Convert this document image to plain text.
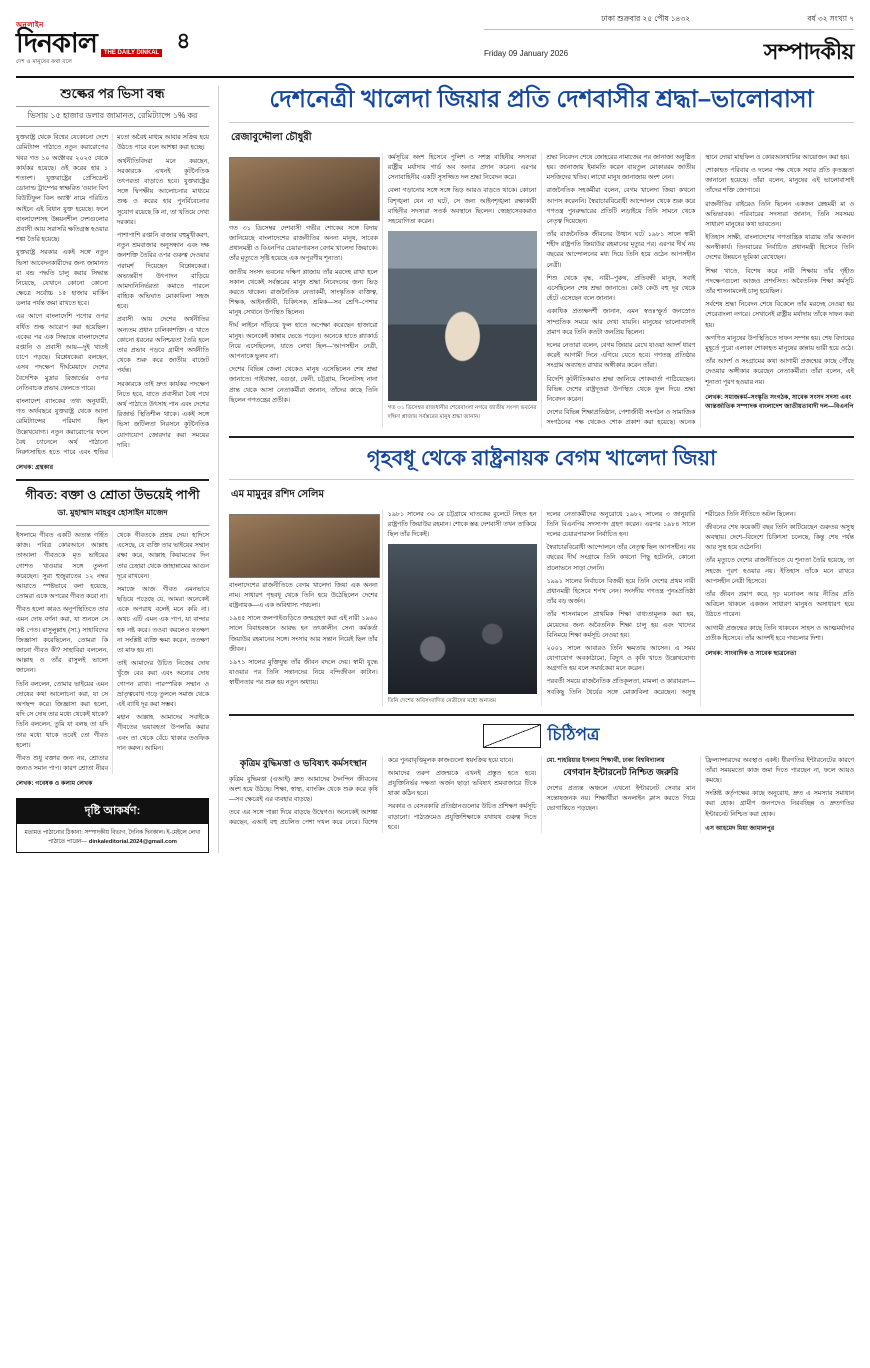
অনলাইন
দিনকাল
দেশ ও মানুষের কথা বলে
THE DAILY DINKAL ৪
ঢাকা শুক্রবার ২৫ পৌষ ১৪৩২	বর্ষ ৩২ সংখ্যা ৭
Friday 09 January 2026	সম্পাদকীয়
শুল্কের পর ভিসা বন্ধ
ভিসায় ১৫ হাজার ডলার জামানত, রেমিট্যান্সে ১% কর
যুক্তরাষ্ট্র থেকে বিশ্বের যেকোনো দেশে রেমিট্যান্স পাঠাতে নতুন করারোপের খবর গত ১০ অক্টোবর ২০২৫ থেকে কার্যকর হয়েছে। ওই করের হার ১ শতাংশ। যুক্তরাষ্ট্রের প্রেসিডেন্ট ডোনাল্ড ট্রাম্পের স্বাক্ষরিত 'ওয়ান বিগ বিউটিফুল বিল অ্যাক্ট' নামে পরিচিত আইনে এই বিধান যুক্ত হয়েছে। ফলে বাংলাদেশসহ উন্নয়নশীল দেশগুলোর প্রবাসী আয় সরাসরি ক্ষতিগ্রস্ত হওয়ার শঙ্কা তৈরি হয়েছে।
যুক্তরাষ্ট্র সরকার একই সঙ্গে নতুন ভিসা আবেদনকারীদের জন্য জামানত বা বন্ড পদ্ধতি চালু করার সিদ্ধান্ত নিয়েছে, যেখানে কোনো কোনো ক্ষেত্রে সর্বোচ্চ ১৫ হাজার মার্কিন ডলার পর্যন্ত জমা রাখতে হবে।
এর আগে বাংলাদেশি পণ্যের ওপর বর্ধিত শুল্ক আরোপ করা হয়েছিল। একের পর এক সিদ্ধান্তে বাংলাদেশের রপ্তানি ও প্রবাসী আয়—দুই খাতই চাপে পড়ছে। বিশ্লেষকেরা বলছেন, এসব পদক্ষেপ দীর্ঘমেয়াদে দেশের বৈদেশিক মুদ্রার রিজার্ভের ওপর নেতিবাচক প্রভাব ফেলতে পারে।
বাংলাদেশ ব্যাংকের তথ্য অনুযায়ী, গত অর্থবছরে যুক্তরাষ্ট্র থেকে আসা রেমিট্যান্সের পরিমাণ ছিল উল্লেখযোগ্য। নতুন করারোপের ফলে বৈধ চ্যানেলে অর্থ পাঠানো নিরুৎসাহিত হতে পারে এবং হুন্ডির মতো অবৈধ মাধ্যম আবার সক্রিয় হয়ে উঠতে পারে বলে আশঙ্কা করা হচ্ছে।
অর্থনীতিবিদরা মনে করছেন, সরকারকে এখনই কূটনৈতিক তৎপরতা বাড়াতে হবে। যুক্তরাষ্ট্রের সঙ্গে দ্বিপক্ষীয় আলোচনার মাধ্যমে শুল্ক ও করের হার পুনর্বিবেচনার সুযোগ রয়েছে কি না, তা খতিয়ে দেখা দরকার।
পাশাপাশি রপ্তানি বাজার বহুমুখীকরণ, নতুন শ্রমবাজার অনুসন্ধান এবং দক্ষ জনশক্তি তৈরির ওপর গুরুত্ব দেওয়ার পরামর্শ দিয়েছেন বিশ্লেষকেরা। অভ্যন্তরীণ উৎপাদন বাড়িয়ে আমদানিনির্ভরতা কমাতে পারলে বাহ্যিক অভিঘাত মোকাবিলা সহজ হবে।
প্রবাসী আয় দেশের অর্থনীতির অন্যতম প্রধান চালিকাশক্তি। এ খাতে কোনো ধরনের অনিশ্চয়তা তৈরি হলে তার প্রভাব পড়বে গ্রামীণ অর্থনীতি থেকে শুরু করে জাতীয় বাজেট পর্যন্ত।
সরকারকে তাই দ্রুত কার্যকর পদক্ষেপ নিতে হবে, যাতে প্রবাসীরা বৈধ পথে অর্থ পাঠাতে উৎসাহ পান এবং দেশের রিজার্ভ স্থিতিশীল থাকে। একই সঙ্গে ভিসা জটিলতা নিরসনে কূটনৈতিক যোগাযোগ জোরদার করা সময়ের দাবি।
লেখক: গ্রন্থকার
গীবত: বক্তা ও শ্রোতা উভয়েই পাপী
ডা. মুহাম্মাদ মাহবুব হোসাইন মাজেদ
ইসলামে গীবত একটি অত্যন্ত গর্হিত কাজ। পবিত্র কোরআনে আল্লাহ তাআলা গীবতকে মৃত ভাইয়ের গোশত খাওয়ার সঙ্গে তুলনা করেছেন। সুরা হুজুরাতের ১২ নম্বর আয়াতে স্পষ্টভাবে বলা হয়েছে, তোমরা একে অপরের গীবত করো না।
গীবত হলো কারও অনুপস্থিতিতে তার এমন দোষ বর্ণনা করা, যা শুনলে সে কষ্ট পেত। রাসুলুল্লাহ (সা.) সাহাবিদের জিজ্ঞাসা করেছিলেন, তোমরা কি জানো গীবত কী? সাহাবিরা বললেন, আল্লাহ ও তাঁর রাসুলই ভালো জানেন।
তিনি বললেন, তোমার ভাইয়ের এমন দোষের কথা আলোচনা করা, যা সে অপছন্দ করে। জিজ্ঞাসা করা হলো, যদি সে দোষ তার মধ্যে থেকেই থাকে? তিনি বললেন, তুমি যা বলছ তা যদি তার মধ্যে থাকে তবেই তো গীবত হলো।
গীবত শুধু বক্তার জন্য নয়, শ্রোতার জন্যও সমান পাপ। কারণ শ্রোতা নীরব থেকে গীবতকে প্রশ্রয় দেয়। হাদিসে এসেছে, যে ব্যক্তি তার ভাইয়ের সম্মান রক্ষা করে, আল্লাহ কিয়ামতের দিন তার চেহারা থেকে জাহান্নামের আগুন দূরে রাখবেন।
সমাজে আজ গীবত এমনভাবে ছড়িয়ে পড়েছে যে, আমরা অনেকেই একে অপরাধ বলেই মনে করি না। অথচ এটি এমন এক পাপ, যা বান্দার হক নষ্ট করে। তওবা করলেও যতক্ষণ না সংশ্লিষ্ট ব্যক্তি ক্ষমা করেন, ততক্ষণ তা মাফ হয় না।
তাই আমাদের উচিত নিজের দোষ খুঁজে বের করা এবং অন্যের দোষ গোপন রাখা। পারস্পরিক সম্মান ও ভ্রাতৃত্ববোধ গড়ে তুললে সমাজ থেকে এই ব্যাধি দূর করা সম্ভব।
মহান আল্লাহ আমাদের সবাইকে গীবতের ভয়াবহতা উপলব্ধি করার এবং তা থেকে বেঁচে থাকার তওফিক দান করুন। আমিন।
লেখক: গবেষক ও কলাম লেখক
দৃষ্টি আকর্ষণ:
মতামত পাঠানোর ঠিকানা: সম্পাদকীয় বিভাগ, দৈনিক দিনকাল। ই-মেইলে লেখা পাঠাতে পারেন— dinkaleditorial.2024@gmail.com
দেশনেত্রী খালেদা জিয়ার প্রতি দেশবাসীর শ্রদ্ধা–ভালোবাসা
রেজাবুদ্দৌলা চৌধুরী
গত ৩১ ডিসেম্বর দেশবাসী গভীর শোকের সঙ্গে বিদায় জানিয়েছে বাংলাদেশের রাজনীতির অনন্য মানুষ, সাবেক প্রধানমন্ত্রী ও বিএনপির চেয়ারপারসন বেগম খালেদা জিয়াকে। তাঁর মৃত্যুতে সৃষ্টি হয়েছে এক অপূরণীয় শূন্যতা।
জাতীয় সংসদ ভবনের দক্ষিণ প্লাজায় তাঁর মরদেহ রাখা হলে সকাল থেকেই সর্বস্তরের মানুষ শ্রদ্ধা নিবেদনের জন্য ভিড় করতে থাকেন। রাজনৈতিক নেতাকর্মী, সাংস্কৃতিক ব্যক্তিত্ব, শিক্ষক, আইনজীবী, চিকিৎসক, শ্রমিক—সব শ্রেণি–পেশার মানুষ সেখানে উপস্থিত ছিলেন।
দীর্ঘ লাইনে দাঁড়িয়ে ফুল হাতে অপেক্ষা করেছেন হাজারো মানুষ। অনেকেই কান্নায় ভেঙে পড়েন। অনেকে হাতে প্ল্যাকার্ড নিয়ে এসেছিলেন, যাতে লেখা ছিল—'আপসহীন নেত্রী, আপনাকে ভুলব না'।
দেশের বিভিন্ন জেলা থেকেও মানুষ এসেছিলেন শেষ শ্রদ্ধা জানাতে। গাইবান্ধা, বগুড়া, ফেনী, চট্টগ্রাম, সিলেটসহ নানা প্রান্ত থেকে আসা নেতাকর্মীরা জানান, তাঁদের কাছে তিনি ছিলেন গণতন্ত্রের প্রতীক।
কর্মসূচির অংশ হিসেবে পুলিশ ও সশস্ত্র বাহিনীর সদস্যরা রাষ্ট্রীয় মর্যাদায় গার্ড অব অনার প্রদান করেন। এরপর সেনাবাহিনীর একটি সুসজ্জিত দল শ্রদ্ধা নিবেদন করে।
বেলা গড়ানোর সঙ্গে সঙ্গে ভিড় আরও বাড়তে থাকে। কোনো বিশৃঙ্খলা যেন না ঘটে, সে জন্য আইনশৃঙ্খলা রক্ষাকারী বাহিনীর সদস্যরা সতর্ক অবস্থানে ছিলেন। স্বেচ্ছাসেবকরাও সহযোগিতা করেন।
গত ৩১ ডিসেম্বর রাজধানীর শেরেবাংলা নগরে জাতীয় সংসদ ভবনের দক্ষিণ প্লাজায় সর্বস্তরের মানুষ শ্রদ্ধা জানান।
শ্রদ্ধা নিবেদন শেষে জোহরের নামাজের পর জানাজা অনুষ্ঠিত হয়। জানাজায় ইমামতি করেন বায়তুল মোকাররম জাতীয় মসজিদের খতিব। লাখো মানুষ জানাজায় অংশ নেন।
রাজনৈতিক সহকর্মীরা বলেন, বেগম খালেদা জিয়া কখনো আপস করেননি। স্বৈরাচারবিরোধী আন্দোলন থেকে শুরু করে গণতন্ত্র পুনরুদ্ধারের প্রতিটি লড়াইয়ে তিনি সামনে থেকে নেতৃত্ব দিয়েছেন।
তাঁর রাজনৈতিক জীবনের উত্থান ঘটে ১৯৮১ সালে স্বামী শহীদ রাষ্ট্রপতি জিয়াউর রহমানের মৃত্যুর পর। এরপর দীর্ঘ নয় বছরের আন্দোলনের মধ্য দিয়ে তিনি হয়ে ওঠেন আপসহীন নেত্রী।
শিশু থেকে বৃদ্ধ, নারী–পুরুষ, প্রতিবন্ধী মানুষ, সবাই এসেছিলেন শেষ শ্রদ্ধা জানাতে। কেউ কেউ বহু দূর থেকে হেঁটে এসেছেন বলে জানান।
একাধিক প্রত্যক্ষদর্শী জানান, এমন স্বতঃস্ফূর্ত জনস্রোত সাম্প্রতিক সময়ে আর দেখা যায়নি। মানুষের ভালোবাসাই প্রমাণ করে তিনি কতটা জনপ্রিয় ছিলেন।
দলের নেতারা বলেন, বেগম জিয়ার রেখে যাওয়া আদর্শ ধারণ করেই আগামী দিনে এগিয়ে যেতে হবে। গণতন্ত্র প্রতিষ্ঠার সংগ্রাম অব্যাহত রাখার অঙ্গীকার করেন তাঁরা।
বিদেশি কূটনীতিকরাও শ্রদ্ধা জানিয়ে শোকবার্তা পাঠিয়েছেন। বিভিন্ন দেশের রাষ্ট্রদূতরা উপস্থিত থেকে ফুল দিয়ে শ্রদ্ধা নিবেদন করেন।
দেশের বিভিন্ন শিক্ষাপ্রতিষ্ঠান, পেশাজীবী সংগঠন ও সামাজিক সংগঠনের পক্ষ থেকেও শোক প্রকাশ করা হয়েছে। অনেক স্থানে দোয়া মাহফিল ও কোরআনখানির আয়োজন করা হয়।
শোকাহত পরিবার ও দলের পক্ষ থেকে সবার প্রতি কৃতজ্ঞতা জানানো হয়েছে। তাঁরা বলেন, মানুষের এই ভালোবাসাই তাঁদের শক্তি জোগাবে।
রাজনীতির বাইরেও তিনি ছিলেন একজন স্নেহময়ী মা ও অভিভাবক। পরিবারের সদস্যরা জানান, তিনি সবসময় সাধারণ মানুষের কথা ভাবতেন।
ইতিহাস সাক্ষী, বাংলাদেশের গণতান্ত্রিক যাত্রায় তাঁর অবদান অনস্বীকার্য। তিনবারের নির্বাচিত প্রধানমন্ত্রী হিসেবে তিনি দেশের উন্নয়নে ভূমিকা রেখেছেন।
শিক্ষা খাতে, বিশেষ করে নারী শিক্ষায় তাঁর গৃহীত পদক্ষেপগুলো আজও প্রশংসিত। অবৈতনিক শিক্ষা কর্মসূচি তাঁর শাসনামলেই চালু হয়েছিল।
সর্বশেষ শ্রদ্ধা নিবেদন শেষে বিকেলে তাঁর মরদেহ নেওয়া হয় শেরেবাংলা নগরে। সেখানেই রাষ্ট্রীয় মর্যাদায় তাঁকে দাফন করা হয়।
অগণিত মানুষের উপস্থিতিতে দাফন সম্পন্ন হয়। শেষ বিদায়ের মুহূর্তে পুরো এলাকা শোকাহত মানুষের কান্নায় ভারী হয়ে ওঠে।
তাঁর আদর্শ ও সংগ্রামের কথা আগামী প্রজন্মের কাছে পৌঁছে দেওয়ার অঙ্গীকার করেছেন নেতাকর্মীরা। তাঁরা বলেন, এই শূন্যতা পূরণ হওয়ার নয়।
লেখক: সমাজকর্ম–সংস্কৃতি সংগঠক, সাবেক সংসদ সদস্য এবং আন্তর্জাতিক সম্পাদক বাংলাদেশ জাতীয়তাবাদী দল—বিএনপি
গৃহবধূ থেকে রাষ্ট্রনায়ক বেগম খালেদা জিয়া
এম মামুনুর রশিদ সেলিম
বাংলাদেশের রাজনীতিতে বেগম খালেদা জিয়া এক অনন্য নাম। সাধারণ গৃহবধূ থেকে তিনি হয়ে উঠেছিলেন দেশের রাষ্ট্রনায়ক—এ এক অবিশ্বাস্য পথচলা।
১৯৪৫ সালে জলপাইগুড়িতে জন্মগ্রহণ করা এই নারী ১৯৬০ সালে বিবাহবন্ধনে আবদ্ধ হন তৎকালীন সেনা কর্মকর্তা জিয়াউর রহমানের সঙ্গে। সংসার আর সন্তান নিয়েই ছিল তাঁর জীবন।
১৯৭১ সালের মুক্তিযুদ্ধ তাঁর জীবন বদলে দেয়। স্বামী যুদ্ধে যাওয়ার পর তিনি সন্তানদের নিয়ে বন্দিজীবন কাটান। স্বাধীনতার পর শুরু হয় নতুন অধ্যায়।
১৯৮১ সালের ৩০ মে চট্টগ্রামে ঘাতকের বুলেটে নিহত হন রাষ্ট্রপতি জিয়াউর রহমান। শোকে স্তব্ধ দেশবাসী তখন তাকিয়ে ছিল তাঁর দিকেই।
তিনি দেশের অবিসংবাদিত নেত্রীদের মধ্যে অন্যতম
দলের নেতাকর্মীদের অনুরোধে ১৯৮২ সালের ৩ জানুয়ারি তিনি বিএনপির সদস্যপদ গ্রহণ করেন। এরপর ১৯৮৪ সালে দলের চেয়ারপারসন নির্বাচিত হন।
স্বৈরাচারবিরোধী আন্দোলনে তাঁর নেতৃত্ব ছিল আপসহীন। নয় বছরের দীর্ঘ সংগ্রামে তিনি কখনো পিছু হটেননি, কোনো প্রলোভনে সাড়া দেননি।
১৯৯১ সালের নির্বাচনে বিজয়ী হয়ে তিনি দেশের প্রথম নারী প্রধানমন্ত্রী হিসেবে শপথ নেন। সংসদীয় গণতন্ত্র পুনঃপ্রতিষ্ঠা তাঁর বড় অর্জন।
তাঁর শাসনামলে প্রাথমিক শিক্ষা বাধ্যতামূলক করা হয়, মেয়েদের জন্য অবৈতনিক শিক্ষা চালু হয় এবং খাদ্যের বিনিময়ে শিক্ষা কর্মসূচি নেওয়া হয়।
২০০১ সালে আবারও তিনি ক্ষমতায় আসেন। এ সময় যোগাযোগ অবকাঠামো, বিদ্যুৎ ও কৃষি খাতে উল্লেখযোগ্য অগ্রগতি হয় বলে সমর্থকেরা মনে করেন।
পরবর্তী সময়ে রাজনৈতিক প্রতিকূলতা, মামলা ও কারাবরণ—সবকিছু তিনি ধৈর্যের সঙ্গে মোকাবিলা করেছেন। অসুস্থ শরীরেও তিনি নীতিতে অটল ছিলেন।
জীবনের শেষ কয়েকটি বছর তিনি কাটিয়েছেন গুরুতর অসুস্থ অবস্থায়। দেশে–বিদেশে চিকিৎসা চলেছে, কিন্তু শেষ পর্যন্ত আর সুস্থ হয়ে ওঠেননি।
তাঁর মৃত্যুতে দেশের রাজনীতিতে যে শূন্যতা তৈরি হয়েছে, তা সহজে পূরণ হওয়ার নয়। ইতিহাস তাঁকে মনে রাখবে আপসহীন নেত্রী হিসেবে।
তাঁর জীবন প্রমাণ করে, দৃঢ় মনোবল আর নীতির প্রতি অবিচল থাকলে একজন সাধারণ মানুষও অসাধারণ হয়ে উঠতে পারেন।
আগামী প্রজন্মের কাছে তিনি থাকবেন সাহস ও আত্মমর্যাদার প্রতীক হিসেবে। তাঁর আদর্শই হবে পথচলার দিশা।
লেখক: সাংবাদিক ও সাবেক ছাত্রনেতা
চিঠিপত্র
কৃত্রিম বুদ্ধিমত্তা ও ভবিষ্যৎ কর্মসংস্থান
কৃত্রিম বুদ্ধিমত্তা (এআই) দ্রুত আমাদের দৈনন্দিন জীবনের অংশ হয়ে উঠছে। শিক্ষা, স্বাস্থ্য, ব্যাংকিং থেকে শুরু করে কৃষি—সব ক্ষেত্রেই এর ব্যবহার বাড়ছে।
তবে এর সঙ্গে পাল্লা দিয়ে বাড়ছে উদ্বেগও। অনেকেই আশঙ্কা করছেন, এআই বহু প্রচলিত পেশা দখল করে নেবে। বিশেষ করে পুনরাবৃত্তিমূলক কাজগুলো স্বয়ংক্রিয় হয়ে যাবে।
আমাদের তরুণ প্রজন্মকে এখনই প্রস্তুত হতে হবে। প্রযুক্তিনির্ভর দক্ষতা অর্জন ছাড়া ভবিষ্যৎ শ্রমবাজারে টিকে থাকা কঠিন হবে।
সরকার ও বেসরকারি প্রতিষ্ঠানগুলোর উচিত প্রশিক্ষণ কর্মসূচি বাড়ানো। পাঠ্যক্রমেও প্রযুক্তিশিক্ষাকে যথাযথ গুরুত্ব দিতে হবে।
মো. শাহরিয়ার ইসলাম শিক্ষার্থী, ঢাকা বিশ্ববিদ্যালয়
বেগবান ইন্টারনেট নিশ্চিত জরুরি
দেশের প্রত্যন্ত অঞ্চলে এখনো ইন্টারনেট সেবার মান সন্তোষজনক নয়। শিক্ষার্থীরা অনলাইন ক্লাস করতে গিয়ে ভোগান্তিতে পড়ছেন।
ফ্রিল্যান্সারদের অবস্থাও একই। ধীরগতির ইন্টারনেটের কারণে তাঁরা সময়মতো কাজ জমা দিতে পারছেন না, ফলে আয়ও কমছে।
সংশ্লিষ্ট কর্তৃপক্ষের কাছে অনুরোধ, দ্রুত এ সমস্যার সমাধান করা হোক। গ্রামীণ জনপদেও নিরবচ্ছিন্ন ও দ্রুতগতির ইন্টারনেট নিশ্চিত করা হোক।
এস আহমেদ মিয়া জামালপুর
